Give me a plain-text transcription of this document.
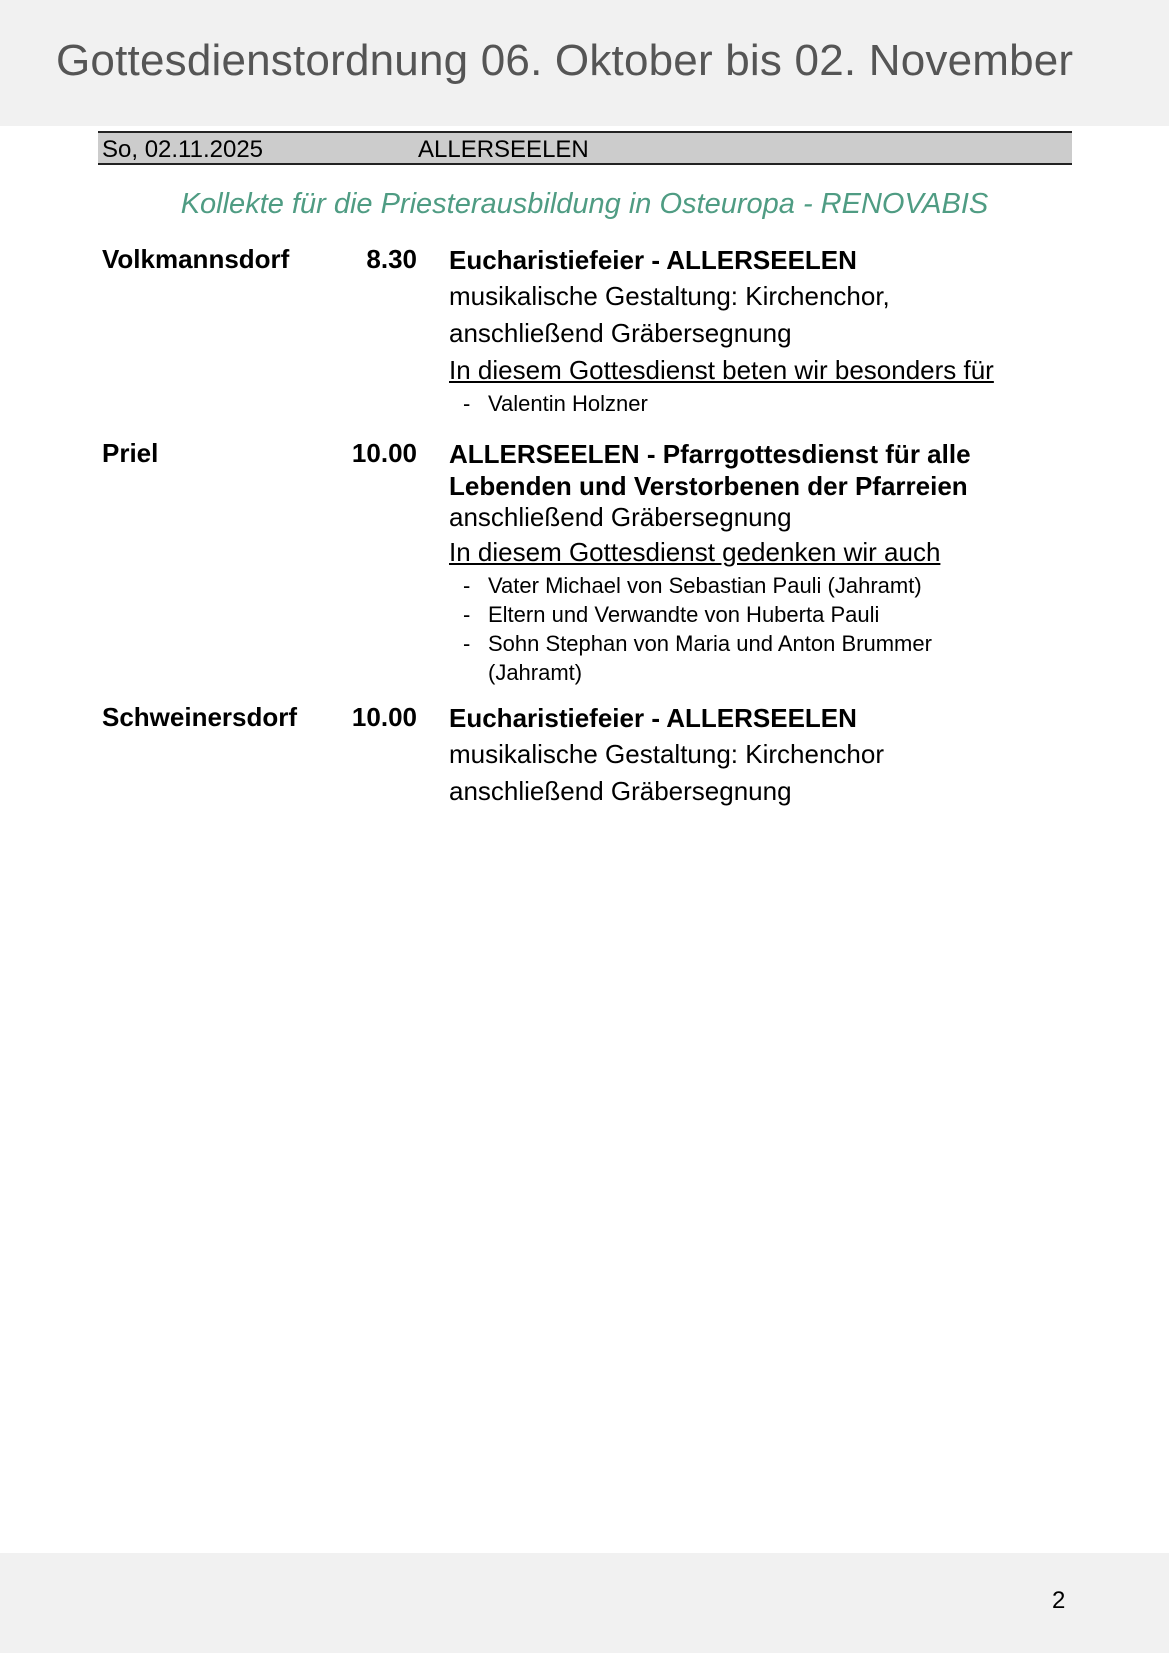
Gottesdienstordnung 06. Oktober bis 02. November
So, 02.11.2025	ALLERSEELEN
Kollekte für die Priesterausbildung in Osteuropa - RENOVABIS
Volkmannsdorf	8.30 Eucharistiefeier - ALLERSEELEN
musikalische Gestaltung: Kirchenchor,
anschließend Gräbersegnung
In diesem Gottesdienst beten wir besonders für
- Valentin Holzner
Priel	10.00 ALLERSEELEN - Pfarrgottesdienst für alle
Lebenden und Verstorbenen der Pfarreien
anschließend Gräbersegnung
In diesem Gottesdienst gedenken wir auch
- Vater Michael von Sebastian Pauli (Jahramt)
- Eltern und Verwandte von Huberta Pauli
- Sohn Stephan von Maria und Anton Brummer (Jahramt)
Schweinersdorf	10.00 Eucharistiefeier - ALLERSEELEN
musikalische Gestaltung: Kirchenchor
anschließend Gräbersegnung
2
